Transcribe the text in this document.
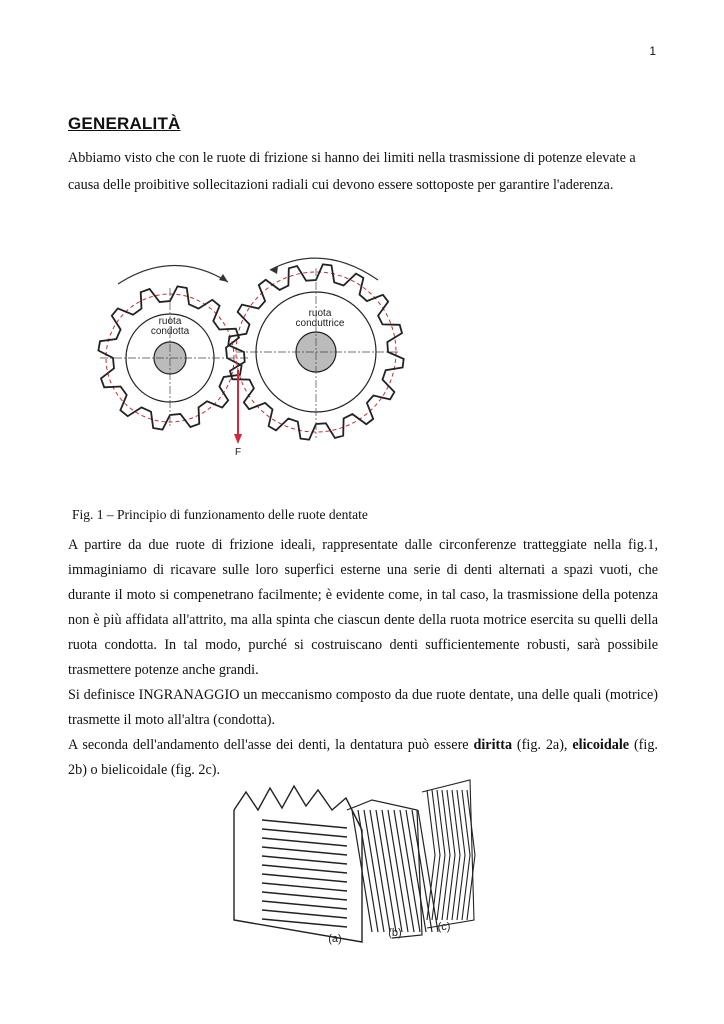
1
GENERALITÀ

Abbiamo visto che con le ruote di frizione si hanno dei limiti nella trasmissione di potenze elevate a causa delle proibitive sollecitazioni radiali cui devono essere sottoposte per garantire l'aderenza.

ruota
condotta
ruota
conduttrice
F

Fig. 1 – Principio di funzionamento delle ruote dentate

A partire da due ruote di frizione ideali, rappresentate dalle circonferenze tratteggiate nella fig.1, immaginiamo di ricavare sulle loro superfici esterne una serie di denti alternati a spazi vuoti, che durante il moto si compenetrano facilmente; è evidente come, in tal caso, la trasmissione della potenza non è più affidata all'attrito, ma alla spinta che ciascun dente della ruota motrice esercita su quelli della ruota condotta. In tal modo, purché si costruiscano denti sufficientemente robusti, sarà possibile trasmettere potenze anche grandi.

Si definisce INGRANAGGIO un meccanismo composto da due ruote dentate, una delle quali (motrice) trasmette il moto all'altra (condotta).

A seconda dell'andamento dell'asse dei denti, la dentatura può essere diritta (fig. 2a), elicoidale (fig. 2b) o bielicoidale (fig. 2c).

(a)	(b)	(c)
